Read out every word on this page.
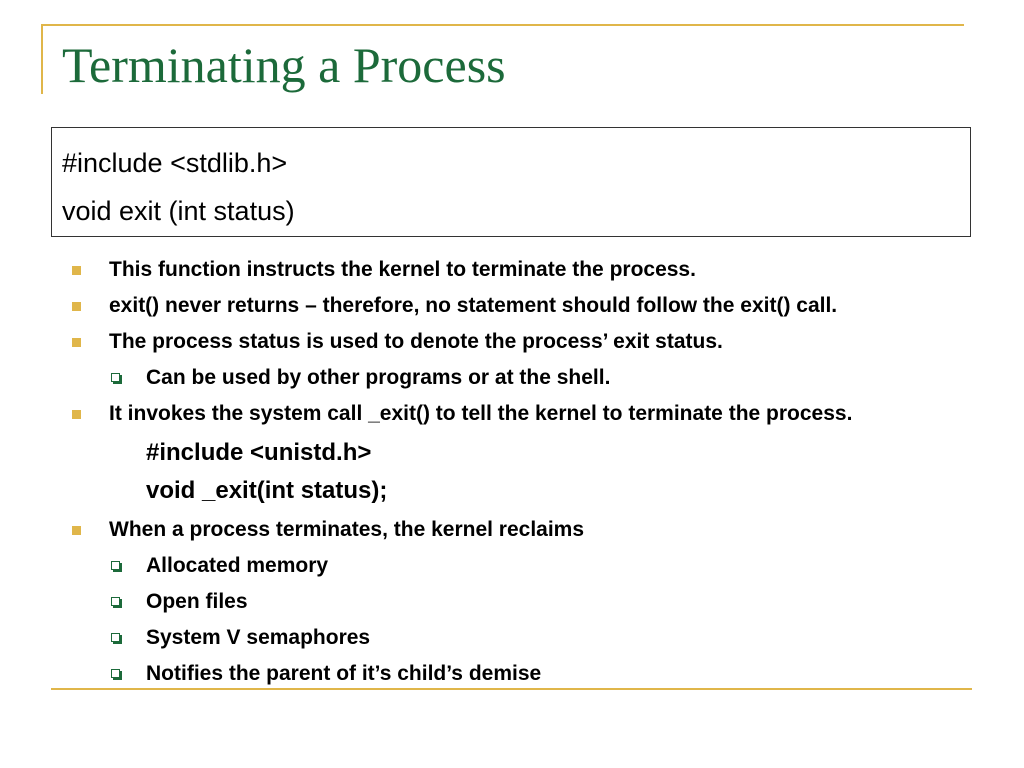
Terminating a Process
#include <stdlib.h>
void exit (int status)
This function instructs the kernel to terminate the process.
exit() never returns – therefore, no statement should follow the exit() call.
The process status is used to denote the process’ exit status.
Can be used by other programs or at the shell.
It invokes the system call _exit() to tell the kernel to terminate the process.
#include <unistd.h>
void _exit(int status);
When a process terminates, the kernel reclaims
Allocated memory
Open files
System V semaphores
Notifies the parent of it’s child’s demise
